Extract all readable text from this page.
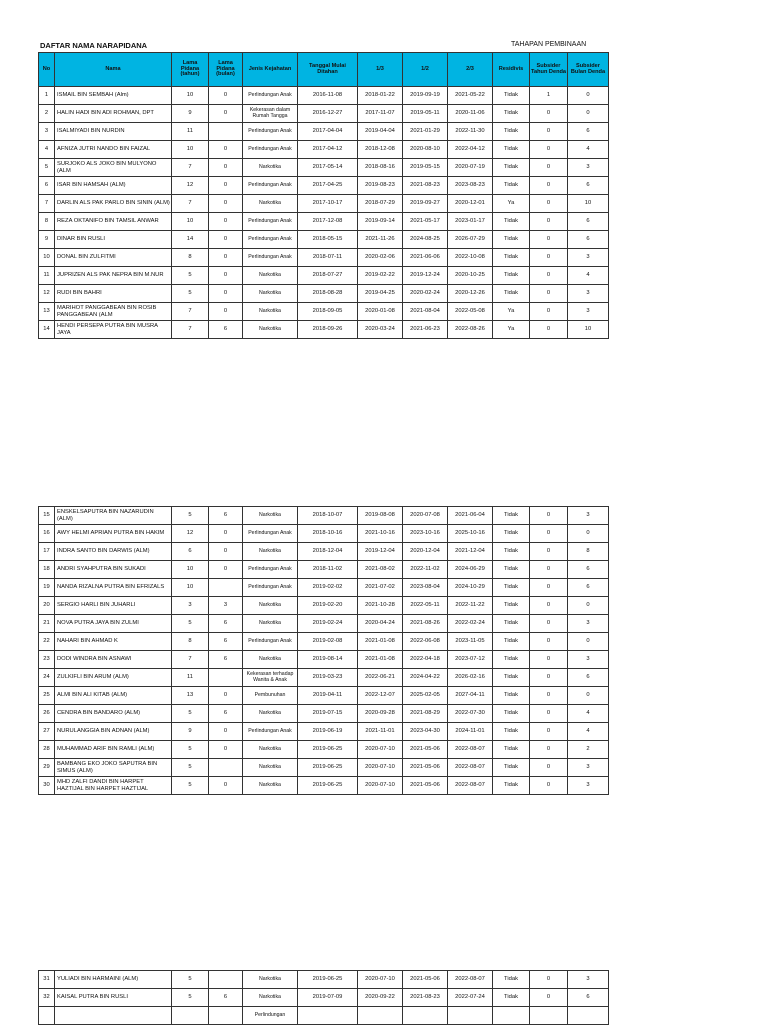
DAFTAR NAMA NARAPIDANA	TAHAPAN PEMBINAAN
No	Nama	Lama Pidana (tahun)	Lama Pidana (bulan)	Jenis Kejahatan	Tanggal Mulai Ditahan	1/3	1/2	2/3	Residivis	Subsider Tahun Denda	Subsider Bulan Denda
1	ISMAIL BIN SEMBAH (Alm)	10	0	Perlindungan Anak	2016-11-08	2018-01-22	2019-09-19	2021-05-22	Tidak	1	0
2	HALIN HADI BIN ADI ROHMAN, DPT	9	0	Kekerasan dalam Rumah Tangga	2016-12-27	2017-11-07	2019-05-11	2020-11-06	Tidak	0	0
3	ISALMIYADI BIN NURDIN	11		Perlindungan Anak	2017-04-04	2019-04-04	2021-01-29	2022-11-30	Tidak	0	6
4	AFNIZA JUTRI NANDO BIN FAIZAL	10	0	Perlindungan Anak	2017-04-12	2018-12-08	2020-08-10	2022-04-12	Tidak	0	4
5	SURJOKO ALS JOKO BIN MULYONO (ALM	7	0	Narkotika	2017-05-14	2018-08-16	2019-05-15	2020-07-19	Tidak	0	3
6	ISAR BIN HAMSAH (ALM)	12	0	Perlindungan Anak	2017-04-25	2019-08-23	2021-08-23	2023-08-23	Tidak	0	6
7	DARLIN ALS PAK PARLO BIN SININ (ALM)	7	0	Narkotika	2017-10-17	2018-07-29	2019-09-27	2020-12-01	Ya	0	10
8	REZA OKTANIFO BIN TAMSIL ANWAR	10	0	Perlindungan Anak	2017-12-08	2019-09-14	2021-05-17	2023-01-17	Tidak	0	6
9	DINAR BIN RUSLI	14	0	Perlindungan Anak	2018-05-15	2021-11-26	2024-08-25	2026-07-29	Tidak	0	6
10	DONAL BIN ZULFITMI	8	0	Perlindungan Anak	2018-07-11	2020-02-06	2021-06-06	2022-10-08	Tidak	0	3
11	JUPRIZEN ALS PAK NEPRA BIN M.NUR	5	0	Narkotika	2018-07-27	2019-02-22	2019-12-24	2020-10-25	Tidak	0	4
12	RUDI BIN BAHRI	5	0	Narkotika	2018-08-28	2019-04-25	2020-02-24	2020-12-26	Tidak	0	3
13	MARIHOT PANGGABEAN BIN ROSIB PANGGABEAN (ALM	7	0	Narkotika	2018-09-05	2020-01-08	2021-08-04	2022-05-08	Ya	0	3
14	HENDI PERSEPA PUTRA BIN MUSRA JAYA	7	6	Narkotika	2018-09-26	2020-03-24	2021-06-23	2022-08-26	Ya	0	10
15	ENSKELSAPUTRA BIN NAZARUDIN (ALM)	5	6	Narkotika	2018-10-07	2019-08-08	2020-07-08	2021-06-04	Tidak	0	3
16	AWY HELMI APRIAN PUTRA BIN HAKIM	12	0	Perlindungan Anak	2018-10-16	2021-10-16	2023-10-16	2025-10-16	Tidak	0	0
17	INDRA SANTO BIN DARWIS (ALM)	6	0	Narkotika	2018-12-04	2019-12-04	2020-12-04	2021-12-04	Tidak	0	8
18	ANDRI SYAHPUTRA BIN SUKADI	10	0	Perlindungan Anak	2018-11-02	2021-08-02	2022-11-02	2024-06-29	Tidak	0	6
19	NANDA RIZALNA PUTRA BIN EFRIZALS	10		Perlindungan Anak	2019-02-02	2021-07-02	2023-08-04	2024-10-29	Tidak	0	6
20	SERGIO HARLI BIN JUHARLI	3	3	Narkotika	2019-02-20	2021-10-28	2022-05-11	2022-11-22	Tidak	0	0
21	NOVA PUTRA JAYA BIN ZULMI	5	6	Narkotika	2019-02-24	2020-04-24	2021-08-26	2022-02-24	Tidak	0	3
22	NAHARI BIN AHMAD K	8	6	Perlindungan Anak	2019-02-08	2021-01-08	2022-06-08	2023-11-05	Tidak	0	0
23	DODI WINDRA BIN ASNAWI	7	6	Narkotika	2019-08-14	2021-01-08	2022-04-18	2023-07-12	Tidak	0	3
24	ZULKIFLI BIN ARUM (ALM)	11		Kekerasan terhadap Wanita & Anak	2019-03-23	2022-06-21	2024-04-22	2026-02-16	Tidak	0	6
25	ALMI BIN ALI KITAB (ALM)	13	0	Pembunuhan	2019-04-11	2022-12-07	2025-02-05	2027-04-11	Tidak	0	0
26	CENDRA BIN BANDARO (ALM)	5	6	Narkotika	2019-07-15	2020-09-28	2021-08-29	2022-07-30	Tidak	0	4
27	NURULANGGIA BIN ADNAN (ALM)	9	0	Perlindungan Anak	2019-06-19	2021-11-01	2023-04-30	2024-11-01	Tidak	0	4
28	MUHAMMAD ARIF BIN RAMLI (ALM)	5	0	Narkotika	2019-06-25	2020-07-10	2021-05-06	2022-08-07	Tidak	0	2
29	BAMBANG EKO JOKO SAPUTRA BIN SIMUS (ALM)	5		Narkotika	2019-06-25	2020-07-10	2021-05-06	2022-08-07	Tidak	0	3
30	MHD ZALFI DANDI BIN HARPET HAZTIJAL BIN HARPET HAZTIJAL	5	0	Narkotika	2019-06-25	2020-07-10	2021-05-06	2022-08-07	Tidak	0	3
31	YULIADI BIN HARMAINI (ALM)	5		Narkotika	2019-06-25	2020-07-10	2021-05-06	2022-08-07	Tidak	0	3
32	KAISAL PUTRA BIN RUSLI	5	6	Narkotika	2019-07-09	2020-09-22	2021-08-23	2022-07-24	Tidak	0	6
				Perlindungan							
